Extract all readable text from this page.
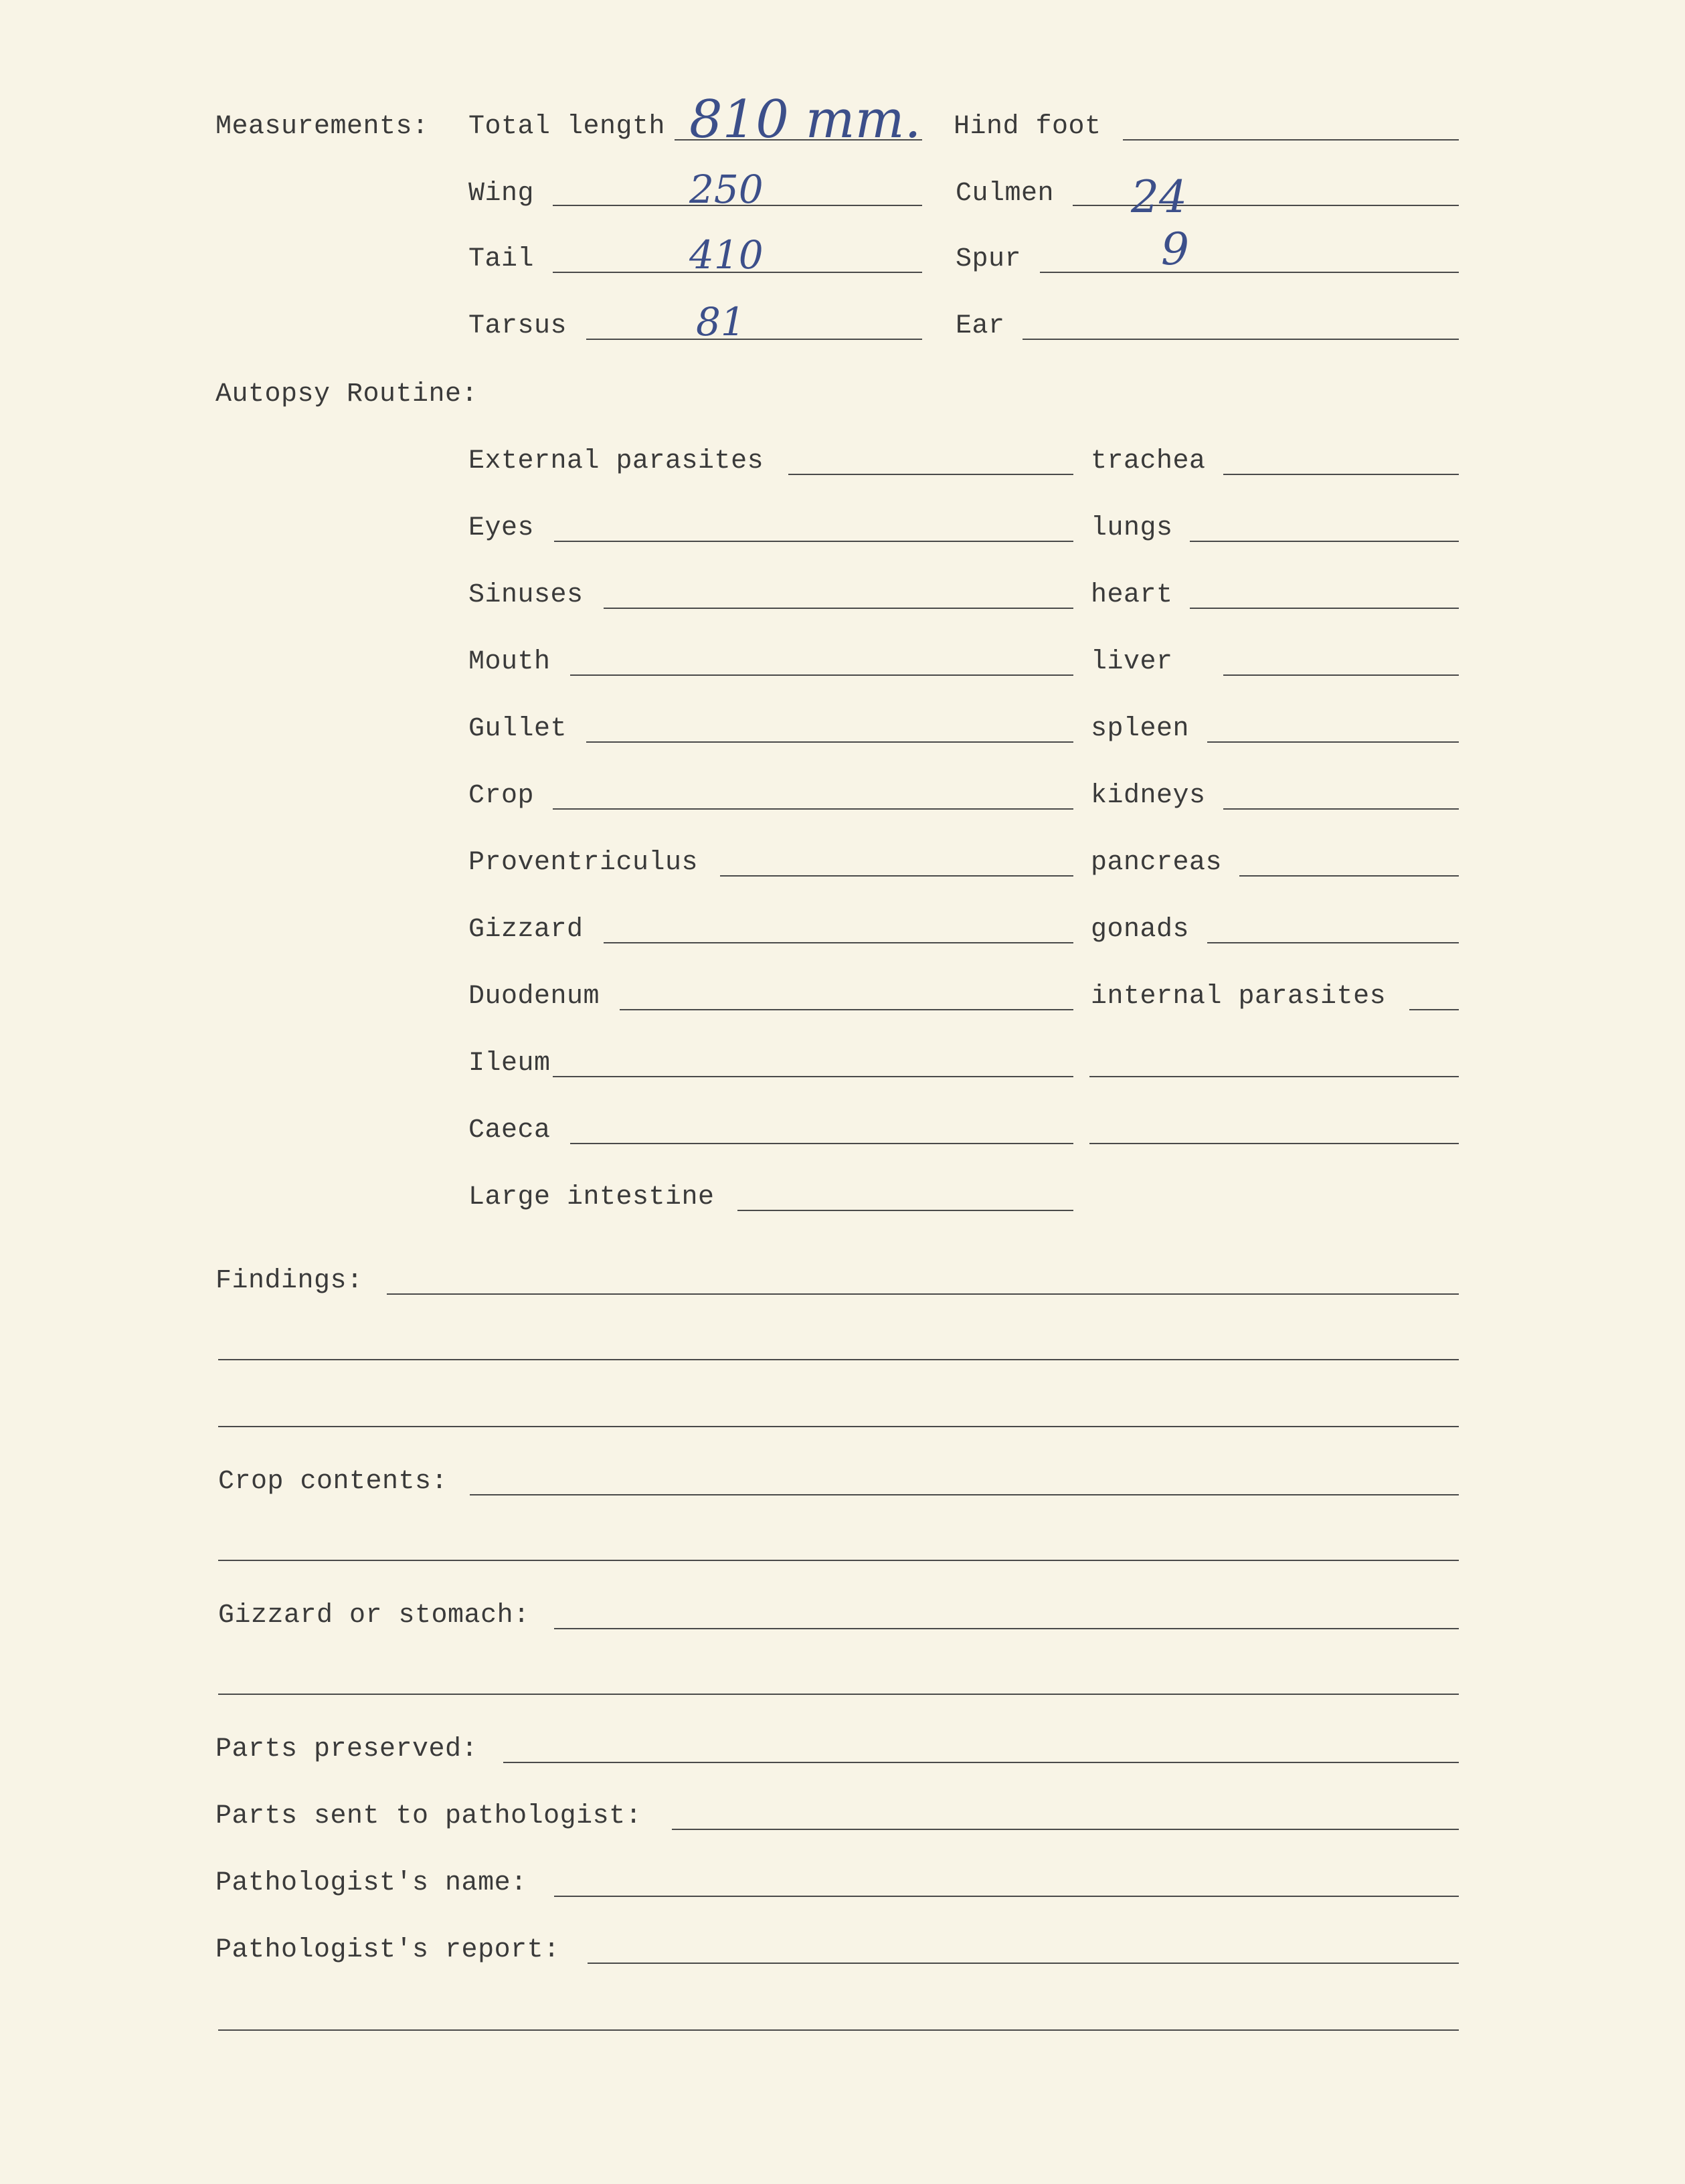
Measurements: Total length 810 mm. Hind foot
Wing	250	Culmen 24
Tail	410	Spur	9
Tarsus	81	Ear
Autopsy Routine:
External parasites	trachea
Eyes	lungs
Sinuses	heart
Mouth	liver
Gullet	spleen
Crop	kidneys
Proventriculus	pancreas
Gizzard	gonads
Duodenum	internal parasites
Ileum
Caeca
Large intestine
Findings:
Crop contents:
Gizzard or stomach:
Parts preserved:
Parts sent to pathologist:
Pathologist's name:
Pathologist's report:
